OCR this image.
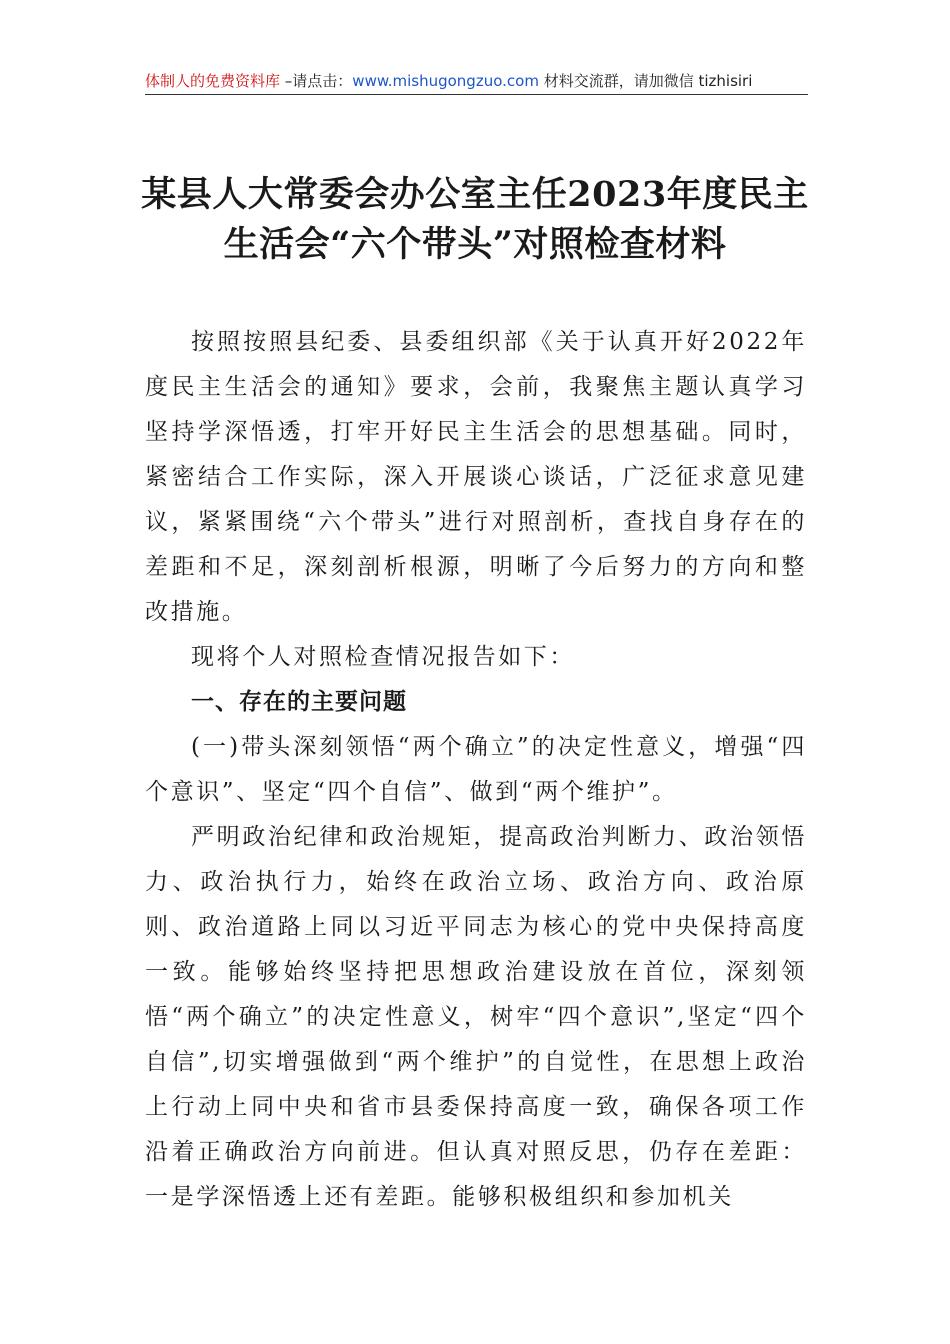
体制人的免费资料库 –请点击：www.mishugongzuo.com 材料交流群，请加微信 tizhisiri
某县人大常委会办公室主任2023年度民主
生活会“六个带头”对照检查材料

按照按照县纪委、县委组织部《关于认真开好2022年度民主生活会的通知》要求，会前，我聚焦主题认真学习坚持学深悟透，打牢开好民主生活会的思想基础。同时，紧密结合工作实际，深入开展谈心谈话，广泛征求意见建议，紧紧围绕“六个带头”进行对照剖析，查找自身存在的差距和不足，深刻剖析根源，明晰了今后努力的方向和整改措施。

现将个人对照检查情况报告如下：

一、存在的主要问题

(一)带头深刻领悟“两个确立”的决定性意义，增强“四个意识”、坚定“四个自信”、做到“两个维护”。

严明政治纪律和政治规矩，提高政治判断力、政治领悟力、政治执行力，始终在政治立场、政治方向、政治原则、政治道路上同以习近平同志为核心的党中央保持高度一致。能够始终坚持把思想政治建设放在首位，深刻领悟“两个确立”的决定性意义，树牢“四个意识”,坚定“四个自信”,切实增强做到“两个维护”的自觉性，在思想上政治上行动上同中央和省市县委保持高度一致，确保各项工作沿着正确政治方向前进。但认真对照反思，仍存在差距：一是学深悟透上还有差距。能够积极组织和参加机关
